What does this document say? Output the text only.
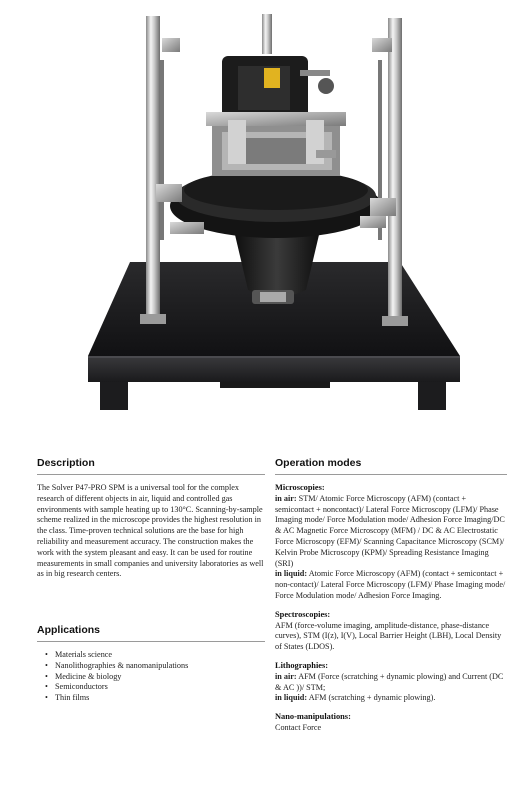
Description

The Solver P47-PRO SPM is a universal tool for the complex research of different objects in air, liquid and controlled gas environments with sample heating up to 130°C. Scanning-by-sample scheme realized in the microscope provides the highest resolution in the class. Time-proven technical solutions are the base for high reliability and measurement accuracy. The construction makes the work with the system pleasant and easy. It can be used for routine measurements in small companies and university laboratories as well as in big research centers.

Applications
• Materials science
• Nanolithographies & nanomanipulations
• Medicine & biology
• Semiconductors
• Thin films
Operation modes

Microscopies:

in air: STM/ Atomic Force Microscopy (AFM) (contact + semicontact + noncontact)/ Lateral Force Microscopy (LFM)/ Phase Imaging mode/ Force Modulation mode/ Adhesion Force Imaging/DC & AC Magnetic Force Microscopy (MFM) / DC & AC Electrostatic Force Microscopy (EFM)/ Scanning Capacitance Microscopy (SCM)/ Kelvin Probe Microscopy (KPM)/ Spreading Resistance Imaging (SRI)

in liquid: Atomic Force Microscopy (AFM) (contact + semicontact + non-contact)/ Lateral Force Microscopy (LFM)/ Phase Imaging mode/ Force Modulation mode/ Adhesion Force Imaging.

Spectroscopies:

AFM (force-volume imaging, amplitude-distance, phase-distance curves), STM (I(z), I(V), Local Barrier Height (LBH), Local Density of States (LDOS).

Lithographies:

in air: AFM (Force (scratching + dynamic plowing) and Current (DC & AC ))/ STM;

in liquid: AFM (scratching + dynamic plowing).

Nano-manipulations:

Contact Force
